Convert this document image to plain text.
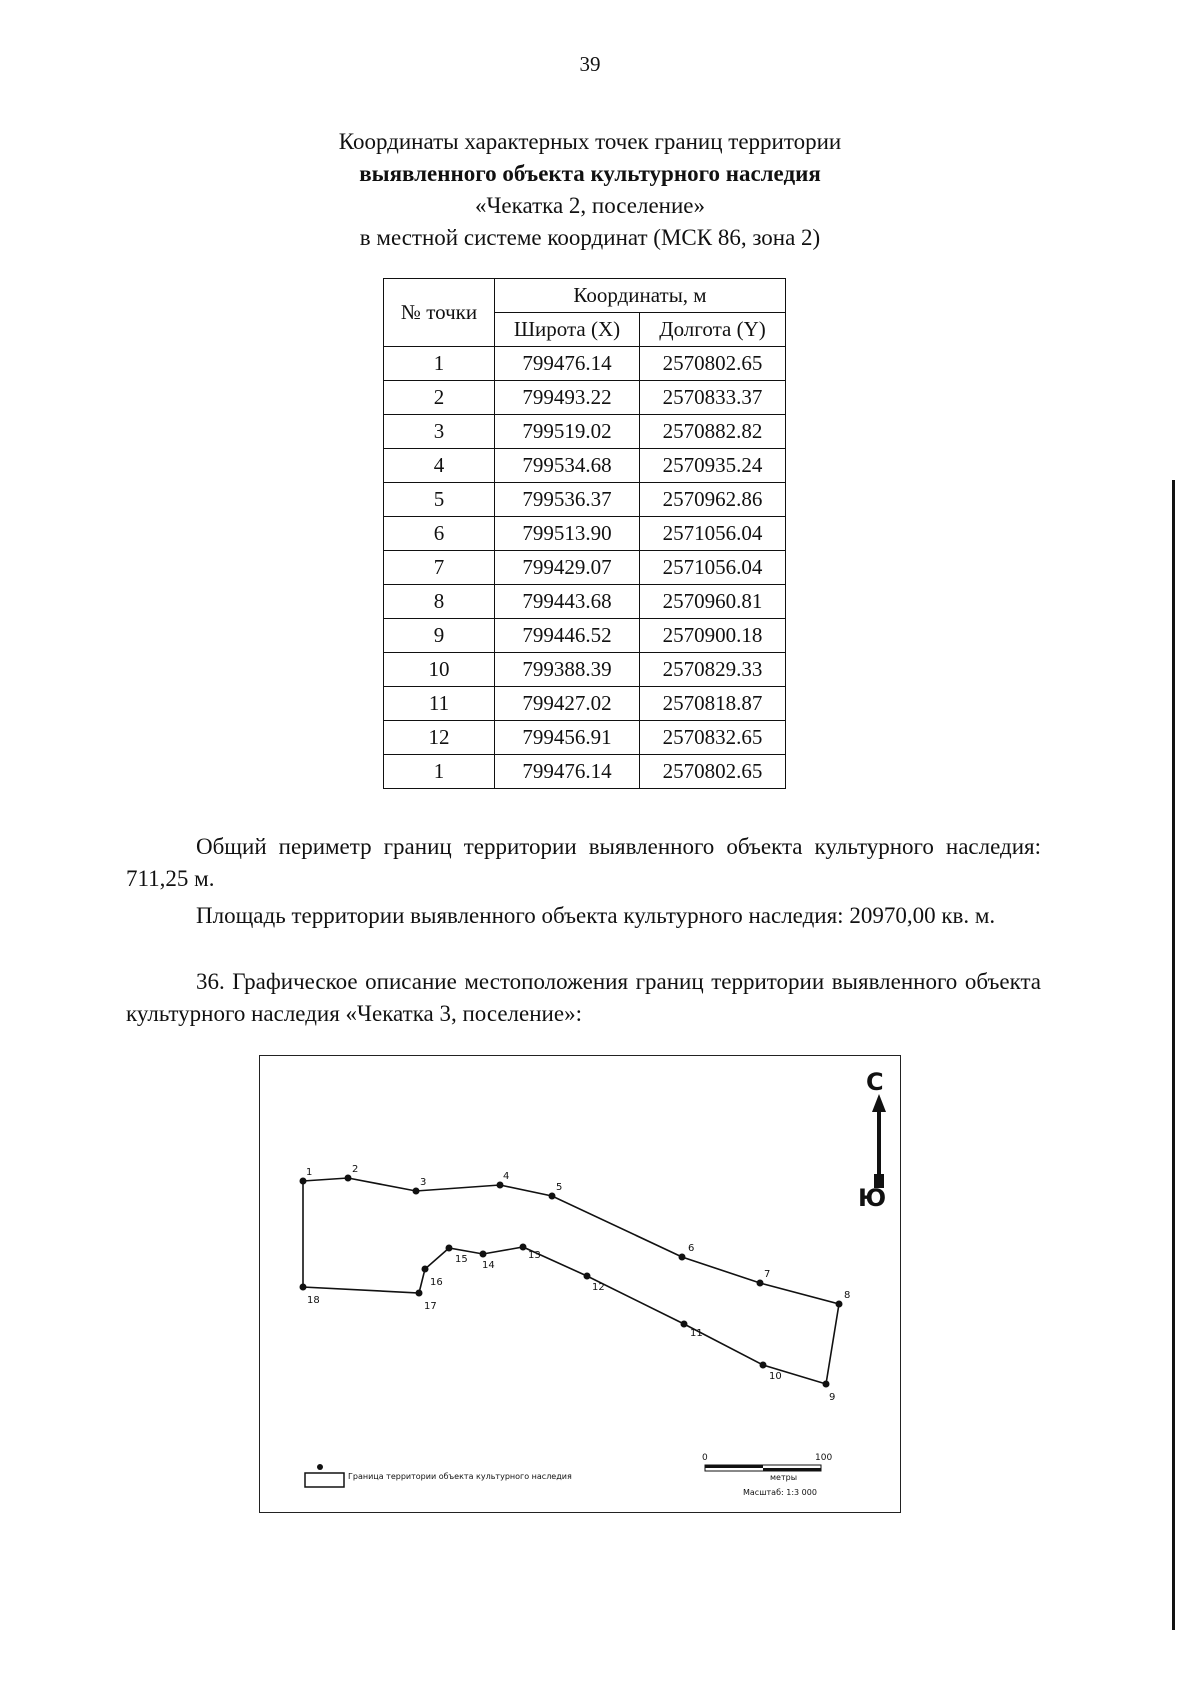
39
Координаты характерных точек границ территории
выявленного объекта культурного наследия
«Чекатка 2, поселение»
в местной системе координат (МСК 86, зона 2)
№ точки	Координаты, м	
	Широта (X)	Долгота (Y)
1	799476.14	2570802.65
2	799493.22	2570833.37
3	799519.02	2570882.82
4	799534.68	2570935.24
5	799536.37	2570962.86
6	799513.90	2571056.04
7	799429.07	2571056.04
8	799443.68	2570960.81
9	799446.52	2570900.18
10	799388.39	2570829.33
11	799427.02	2570818.87
12	799456.91	2570832.65
1	799476.14	2570802.65
Общий периметр границ территории выявленного объекта культурного наследия: 711,25 м.
Площадь территории выявленного объекта культурного наследия: 20970,00 кв. м.
36. Графическое описание местоположения границ территории выявленного объекта культурного наследия «Чекатка 3, поселение»:
1	2
3
4
5
6
7
8
9
10
11
12
13
14
15
16
17
18
0	100
С
Ю
Граница территории объекта культурного наследия	метры
Масштаб: 1:3 000
